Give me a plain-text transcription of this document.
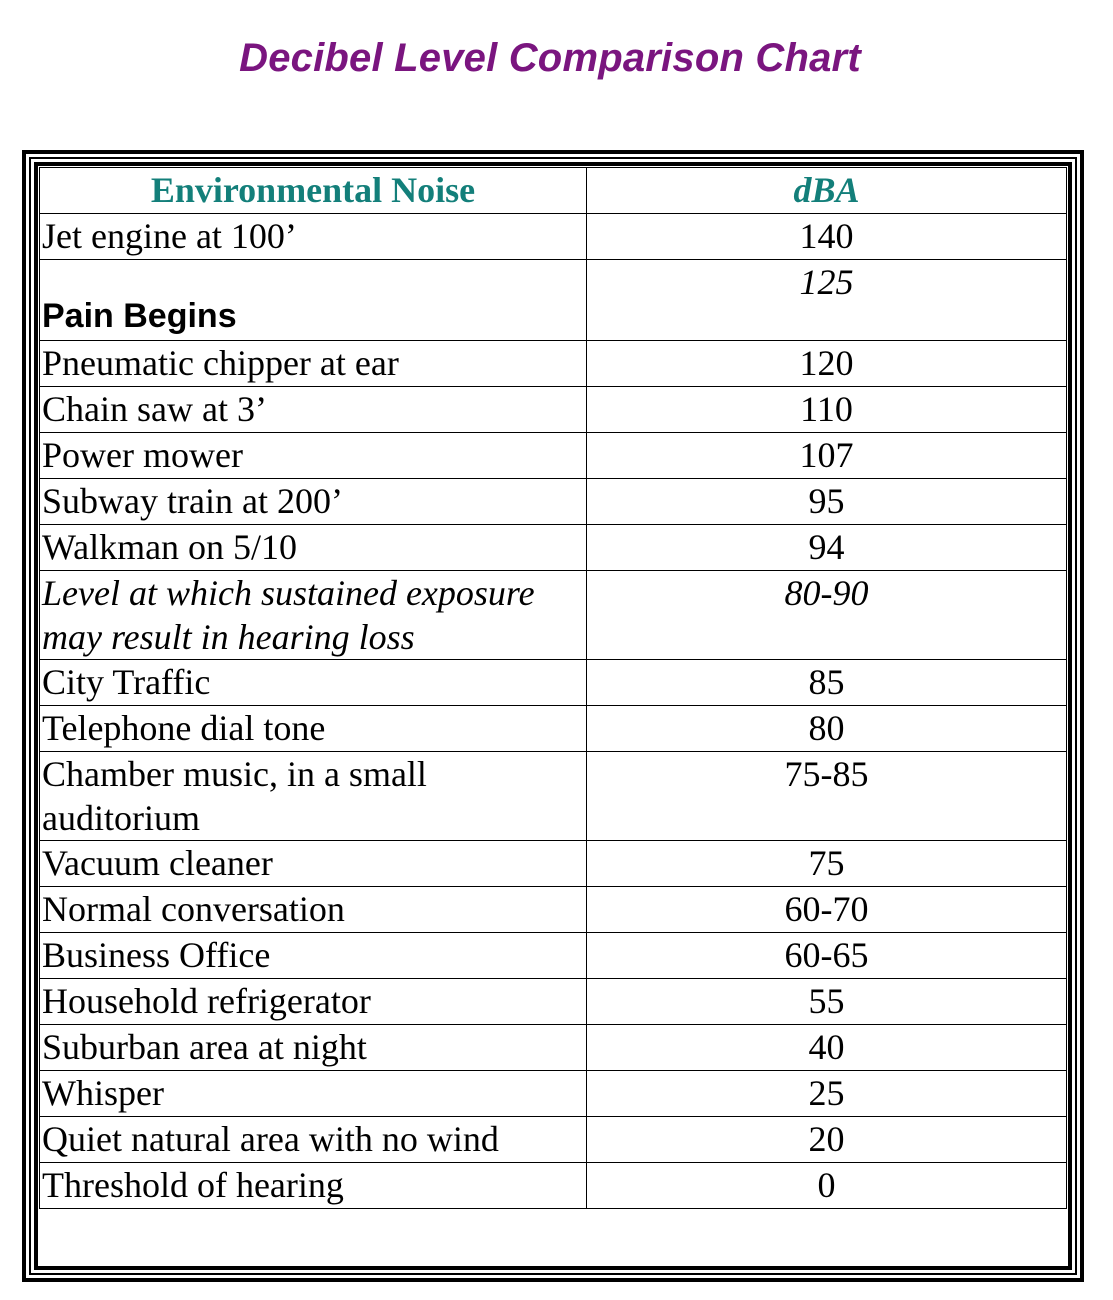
Decibel Level Comparison Chart
Environmental Noise	dBA
Jet engine at 100’	140
Pain Begins	125
Pneumatic chipper at ear	120
Chain saw at 3’	110
Power mower	107
Subway train at 200’	95
Walkman on 5/10	94
Level at which sustained exposure may result in hearing loss	80-90
City Traffic	85
Telephone dial tone	80
Chamber music, in a small auditorium	75-85
Vacuum cleaner	75
Normal conversation	60-70
Business Office	60-65
Household refrigerator	55
Suburban area at night	40
Whisper	25
Quiet natural area with no wind	20
Threshold of hearing	0
